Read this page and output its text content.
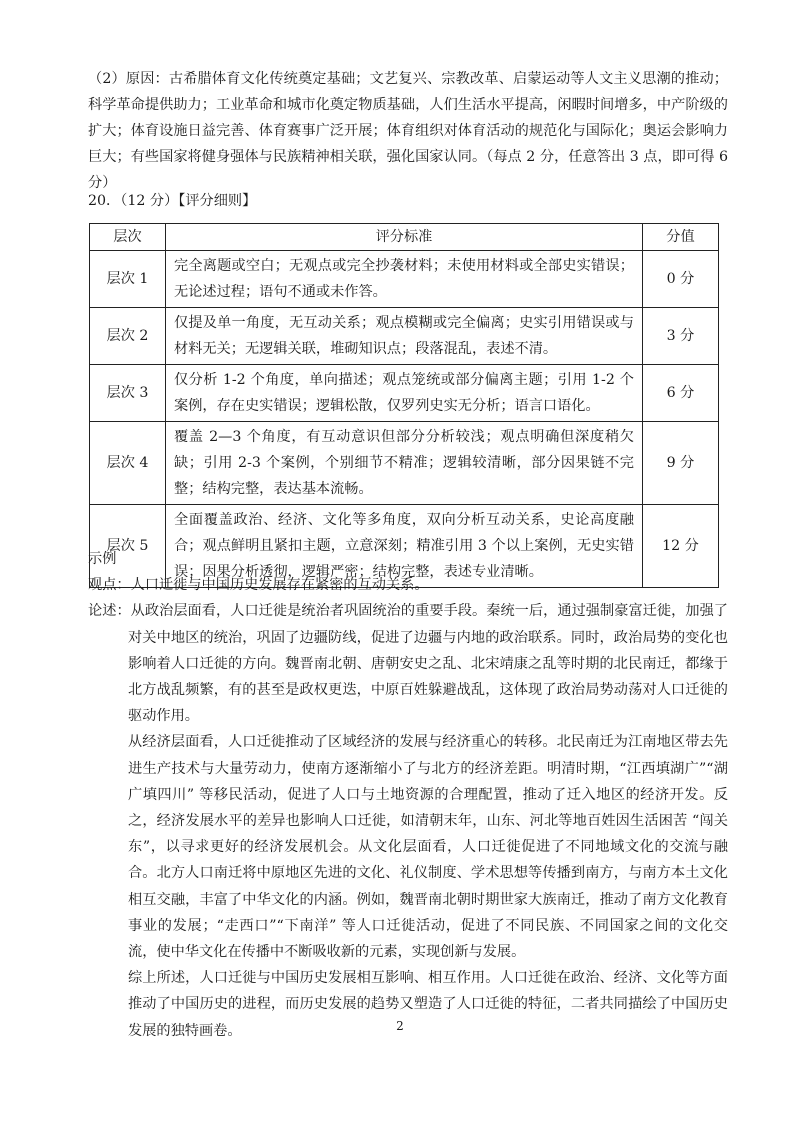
（2）原因：古希腊体育文化传统奠定基础；文艺复兴、宗教改革、启蒙运动等人文主义思潮的推动；科学革命提供助力；工业革命和城市化奠定物质基础，人们生活水平提高，闲暇时间增多，中产阶级的扩大；体育设施日益完善、体育赛事广泛开展；体育组织对体育活动的规范化与国际化；奥运会影响力巨大；有些国家将健身强体与民族精神相关联，强化国家认同。（每点 2 分，任意答出 3 点，即可得 6 分）
20．（12 分）【评分细则】
层次	评分标准	分值
层次 1	完全离题或空白；无观点或完全抄袭材料；未使用材料或全部史实错误；无论述过程；语句不通或未作答。	0 分
层次 2	仅提及单一角度，无互动关系；观点模糊或完全偏离；史实引用错误或与材料无关；无逻辑关联，堆砌知识点；段落混乱，表述不清。	3 分
层次 3	仅分析 1-2 个角度，单向描述；观点笼统或部分偏离主题；引用 1-2 个案例，存在史实错误；逻辑松散，仅罗列史实无分析；语言口语化。	6 分
层次 4	覆盖 2—3 个角度，有互动意识但部分分析较浅；观点明确但深度稍欠缺；引用 2-3 个案例，个别细节不精准；逻辑较清晰，部分因果链不完整；结构完整，表达基本流畅。	9 分
层次 5	全面覆盖政治、经济、文化等多角度，双向分析互动关系，史论高度融合；观点鲜明且紧扣主题，立意深刻；精准引用 3 个以上案例，无史实错误；因果分析透彻，逻辑严密；结构完整，表述专业清晰。	12 分

示例

观点：人口迁徙与中国历史发展存在紧密的互动关系。

论述：从政治层面看，人口迁徙是统治者巩固统治的重要手段。秦统一后，通过强制豪富迁徙，加强了对关中地区的统治，巩固了边疆防线，促进了边疆与内地的政治联系。同时，政治局势的变化也影响着人口迁徙的方向。魏晋南北朝、唐朝安史之乱、北宋靖康之乱等时期的北民南迁，都缘于北方战乱频繁，有的甚至是政权更迭，中原百姓躲避战乱，这体现了政治局势动荡对人口迁徙的驱动作用。

从经济层面看，人口迁徙推动了区域经济的发展与经济重心的转移。北民南迁为江南地区带去先进生产技术与大量劳动力，使南方逐渐缩小了与北方的经济差距。明清时期，“江西填湖广”“湖广填四川” 等移民活动，促进了人口与土地资源的合理配置，推动了迁入地区的经济开发。反之，经济发展水平的差异也影响人口迁徙，如清朝末年，山东、河北等地百姓因生活困苦 “闯关东”，以寻求更好的经济发展机会。从文化层面看，人口迁徙促进了不同地域文化的交流与融合。北方人口南迁将中原地区先进的文化、礼仪制度、学术思想等传播到南方，与南方本土文化相互交融，丰富了中华文化的内涵。例如，魏晋南北朝时期世家大族南迁，推动了南方文化教育事业的发展；“走西口”“下南洋” 等人口迁徙活动，促进了不同民族、不同国家之间的文化交流，使中华文化在传播中不断吸收新的元素，实现创新与发展。

综上所述，人口迁徙与中国历史发展相互影响、相互作用。人口迁徙在政治、经济、文化等方面推动了中国历史的进程，而历史发展的趋势又塑造了人口迁徙的特征，二者共同描绘了中国历史发展的独特画卷。	2
